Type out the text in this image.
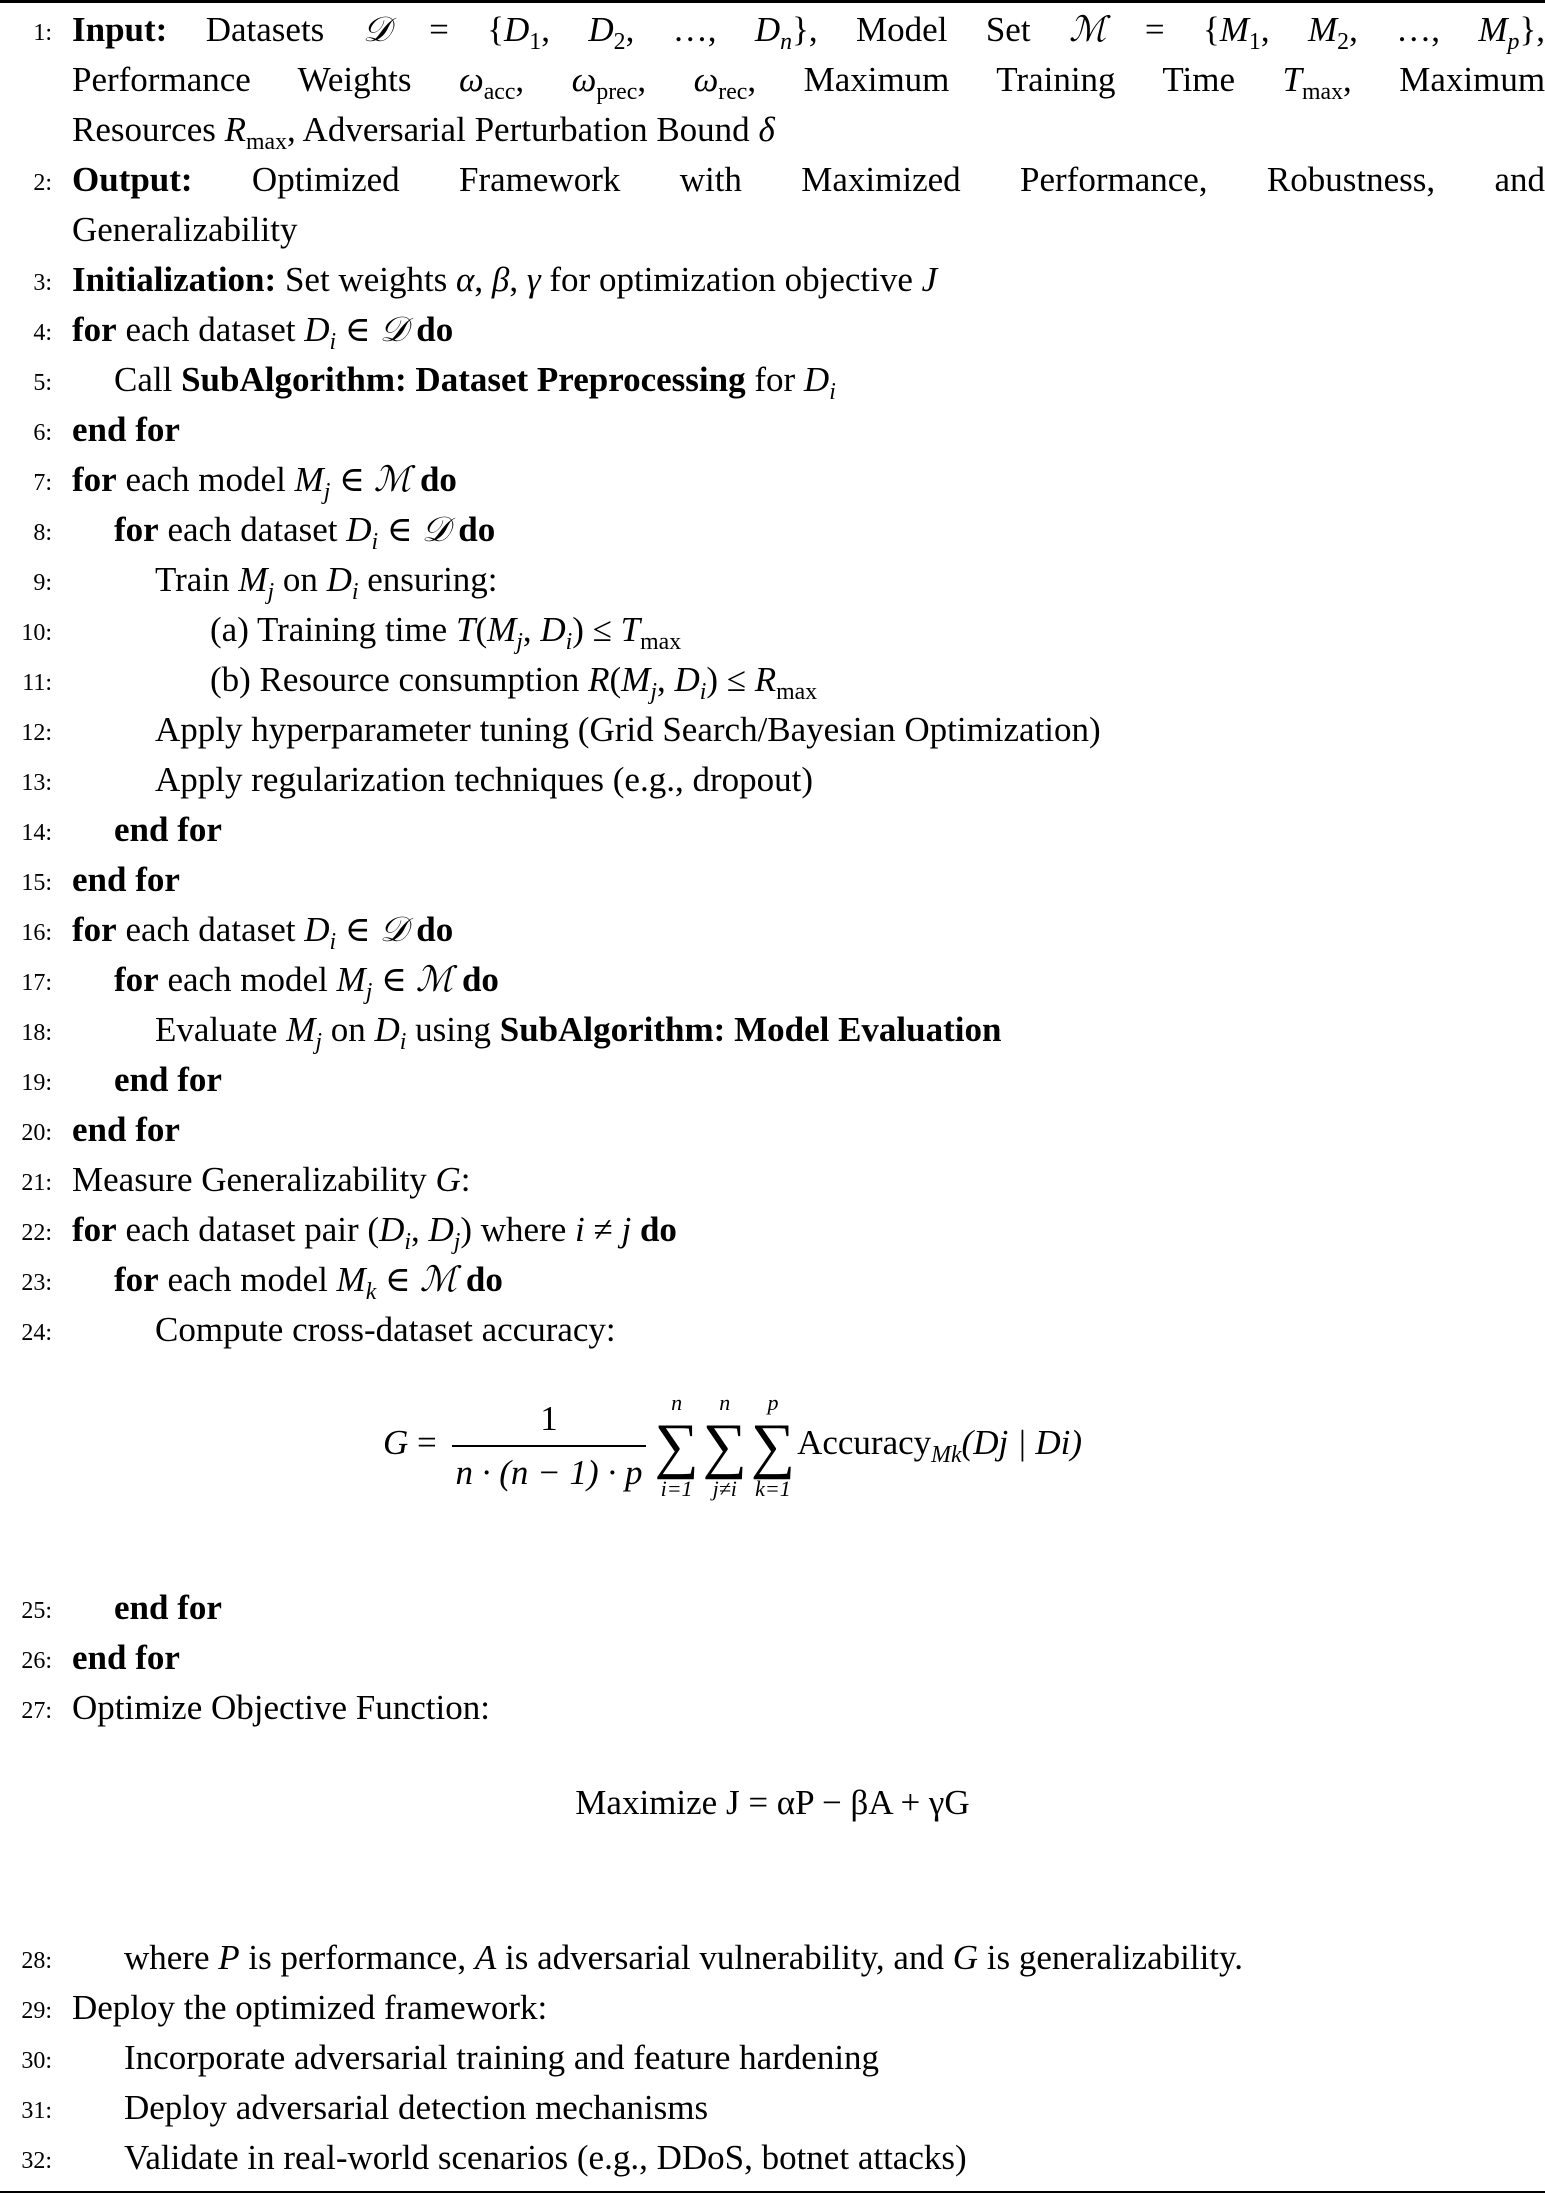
1: Input: Datasets 𝒟 = {$D_1$, $D_2$, …, $D_n$}, Model Set ℳ = {$M_1$, $M_2$, …, $M_p$},
Performance Weights $\omega_{acc}$, $\omega_{prec}$, $\omega_{rec}$, Maximum Training Time $T_{max}$, Maximum
Resources $R_{max}$, Adversarial Perturbation Bound δ
2: Output: Optimized Framework with Maximized Performance, Robustness, and
Generalizability
3: Initialization: Set weights α, β, γ for optimization objective J
4: for each dataset $D_i$ ∈ 𝒟 do
5: Call SubAlgorithm: Dataset Preprocessing for $D_i$
6: end for
7: for each model $M_j$ ∈ ℳ do
8: for each dataset $D_i$ ∈ 𝒟 do
9:	Train $M_j$ on $D_i$ ensuring:
10:	(a) Training time $T(M_j$, $D_i) \le T_{max}$
11:	(b) Resource consumption $R(M_j$, $D_i) \le R_{max}$
12:	Apply hyperparameter tuning (Grid Search/Bayesian Optimization)
13:	Apply regularization techniques (e.g., dropout)
14: end for
15: end for
16: for each dataset $D_i$ ∈ 𝒟 do
17: for each model $M_j$ ∈ ℳ do
18:	Evaluate $M_j$ on $D_i$ using SubAlgorithm: Model Evaluation
19: end for
20: end for
21: Measure Generalizability G:
22: for each dataset pair ($D_i$, $D_j$) where i ≠ j do
23: for each model $M_k$ ∈ ℳ do
24:	Compute cross-dataset accuracy:
$G = \frac{1}{n \cdot (n - 1) \cdot p}$	n
∑
i=1
n
∑
j≠i
p
∑
k=1
Accuracy$_{Mk}$(Dj | Di)
25: end for
26: end for
27: Optimize Objective Function:
Maximize J = αP − βA + γG
28: where P is performance, A is adversarial vulnerability, and G is generalizability.
29: Deploy the optimized framework:
30: Incorporate adversarial training and feature hardening
31: Deploy adversarial detection mechanisms
32: Validate in real-world scenarios (e.g., DDoS, botnet attacks)
